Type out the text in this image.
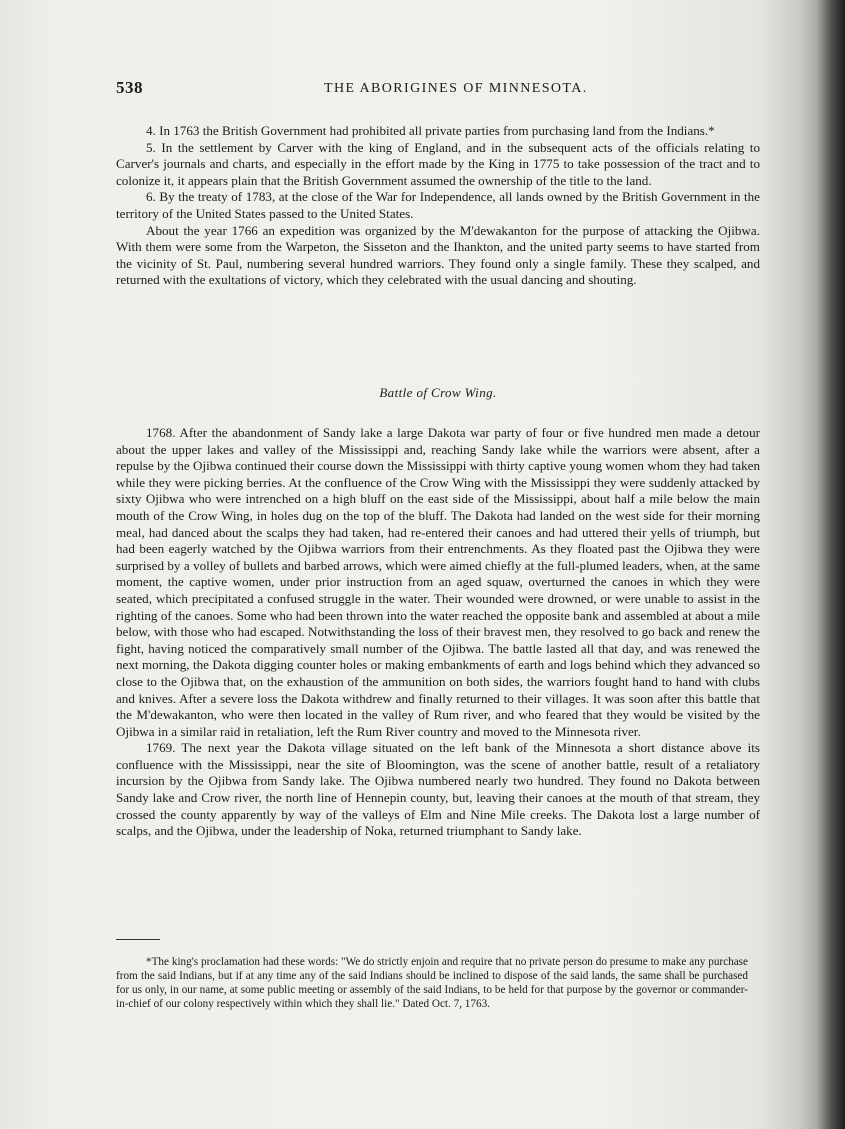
538	THE ABORIGINES OF MINNESOTA.

4. In 1763 the British Government had prohibited all private parties from purchasing land from the Indians.*

5. In the settlement by Carver with the king of England, and in the subsequent acts of the officials relating to Carver's journals and charts, and especially in the effort made by the King in 1775 to take possession of the tract and to colonize it, it appears plain that the British Government assumed the ownership of the title to the land.

6. By the treaty of 1783, at the close of the War for Independence, all lands owned by the British Government in the territory of the United States passed to the United States.

About the year 1766 an expedition was organized by the M'dewakanton for the purpose of attacking the Ojibwa. With them were some from the Warpeton, the Sisseton and the Ihankton, and the united party seems to have started from the vicinity of St. Paul, numbering several hundred warriors. They found only a single family. These they scalped, and returned with the exultations of victory, which they celebrated with the usual dancing and shouting.

Battle of Crow Wing.

1768. After the abandonment of Sandy lake a large Dakota war party of four or five hundred men made a detour about the upper lakes and valley of the Mississippi and, reaching Sandy lake while the warriors were absent, after a repulse by the Ojibwa continued their course down the Mississippi with thirty captive young women whom they had taken while they were picking berries. At the confluence of the Crow Wing with the Mississippi they were suddenly attacked by sixty Ojibwa who were intrenched on a high bluff on the east side of the Mississippi, about half a mile below the main mouth of the Crow Wing, in holes dug on the top of the bluff. The Dakota had landed on the west side for their morning meal, had danced about the scalps they had taken, had re-entered their canoes and had uttered their yells of triumph, but had been eagerly watched by the Ojibwa warriors from their entrenchments. As they floated past the Ojibwa they were surprised by a volley of bullets and barbed arrows, which were aimed chiefly at the full-plumed leaders, when, at the same moment, the captive women, under prior instruction from an aged squaw, overturned the canoes in which they were seated, which precipitated a confused struggle in the water. Their wounded were drowned, or were unable to assist in the righting of the canoes. Some who had been thrown into the water reached the opposite bank and assembled at about a mile below, with those who had escaped. Notwithstanding the loss of their bravest men, they resolved to go back and renew the fight, having noticed the comparatively small number of the Ojibwa. The battle lasted all that day, and was renewed the next morning, the Dakota digging counter holes or making embankments of earth and logs behind which they advanced so close to the Ojibwa that, on the exhaustion of the ammunition on both sides, the warriors fought hand to hand with clubs and knives. After a severe loss the Dakota withdrew and finally returned to their villages. It was soon after this battle that the M'dewakanton, who were then located in the valley of Rum river, and who feared that they would be visited by the Ojibwa in a similar raid in retaliation, left the Rum River country and moved to the Minnesota river.

1769. The next year the Dakota village situated on the left bank of the Minnesota a short distance above its confluence with the Mississippi, near the site of Bloomington, was the scene of another battle, result of a retaliatory incursion by the Ojibwa from Sandy lake. The Ojibwa numbered nearly two hundred. They found no Dakota between Sandy lake and Crow river, the north line of Hennepin county, but, leaving their canoes at the mouth of that stream, they crossed the county apparently by way of the valleys of Elm and Nine Mile creeks. The Dakota lost a large number of scalps, and the Ojibwa, under the leadership of Noka, returned triumphant to Sandy lake.

*The king's proclamation had these words: "We do strictly enjoin and require that no private person do presume to make any purchase from the said Indians, but if at any time any of the said Indians should be inclined to dispose of the said lands, the same shall be purchased for us only, in our name, at some public meeting or assembly of the said Indians, to be held for that purpose by the governor or commander-in-chief of our colony respectively within which they shall lie." Dated Oct. 7, 1763.
